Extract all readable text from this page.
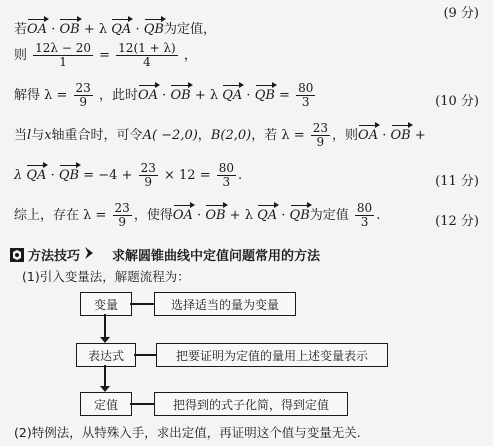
(9 分)
若OA · OB + λ QA · QB为定值，
则 $\frac{12\lambda - 20}{1} = \frac{12(1 + \lambda)}{4}$ ，
解得 $\lambda = \frac{23}{9}$ ，此时OA · OB + λ QA · QB = $\frac{80}{3}$	(10 分)
当l与x轴重合时，可令A( −2,0)，B(2,0)，若 $\lambda = \frac{23}{9}$ ，则OA · OB +
λ QA · QB = $-4 + \frac{23}{9} \times 12 = \frac{80}{3}$ .	(11 分)
综上，存在 $\lambda = \frac{23}{9}$ ，使得OA · OB + λ QA · QB为定值 $\frac{80}{3}$ .	(12 分)
方法技巧 求解圆锥曲线中定值问题常用的方法
(1)引入变量法，解题流程为：
变量	选择适当的量为变量
表达式	把要证明为定值的量用上述变量表示
定值	把得到的式子化简，得到定值
(2)特例法，从特殊入手，求出定值，再证明这个值与变量无关.
